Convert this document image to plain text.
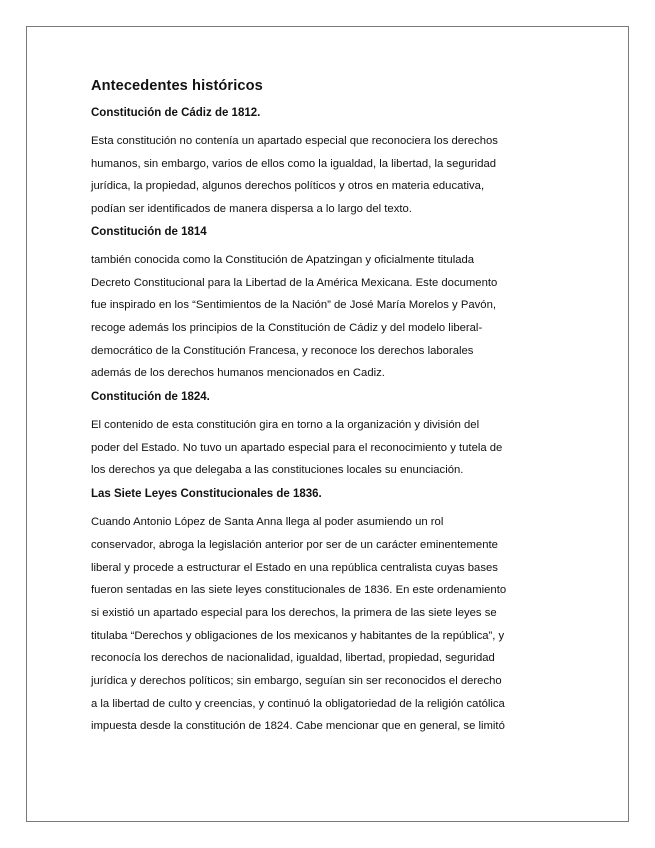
Antecedentes históricos
Constitución de Cádiz de 1812.
Esta constitución no contenía un apartado especial que reconociera los derechos
humanos, sin embargo, varios de ellos como la igualdad, la libertad, la seguridad
jurídica, la propiedad, algunos derechos políticos y otros en materia educativa,
podían ser identificados de manera dispersa a lo largo del texto.
Constitución de 1814
también conocida como la Constitución de Apatzingan y oficialmente titulada
Decreto Constitucional para la Libertad de la América Mexicana. Este documento
fue inspirado en los “Sentimientos de la Nación” de José María Morelos y Pavón,
recoge además los principios de la Constitución de Cádiz y del modelo liberal-
democrático de la Constitución Francesa, y reconoce los derechos laborales
además de los derechos humanos mencionados en Cadiz.
Constitución de 1824.
El contenido de esta constitución gira en torno a la organización y división del
poder del Estado. No tuvo un apartado especial para el reconocimiento y tutela de
los derechos ya que delegaba a las constituciones locales su enunciación.
Las Siete Leyes Constitucionales de 1836.
Cuando Antonio López de Santa Anna llega al poder asumiendo un rol
conservador, abroga la legislación anterior por ser de un carácter eminentemente
liberal y procede a estructurar el Estado en una república centralista cuyas bases
fueron sentadas en las siete leyes constitucionales de 1836. En este ordenamiento
si existió un apartado especial para los derechos, la primera de las siete leyes se
titulaba “Derechos y obligaciones de los mexicanos y habitantes de la república”, y
reconocía los derechos de nacionalidad, igualdad, libertad, propiedad, seguridad
jurídica y derechos políticos; sin embargo, seguían sin ser reconocidos el derecho
a la libertad de culto y creencias, y continuó la obligatoriedad de la religión católica
impuesta desde la constitución de 1824. Cabe mencionar que en general, se limitó
